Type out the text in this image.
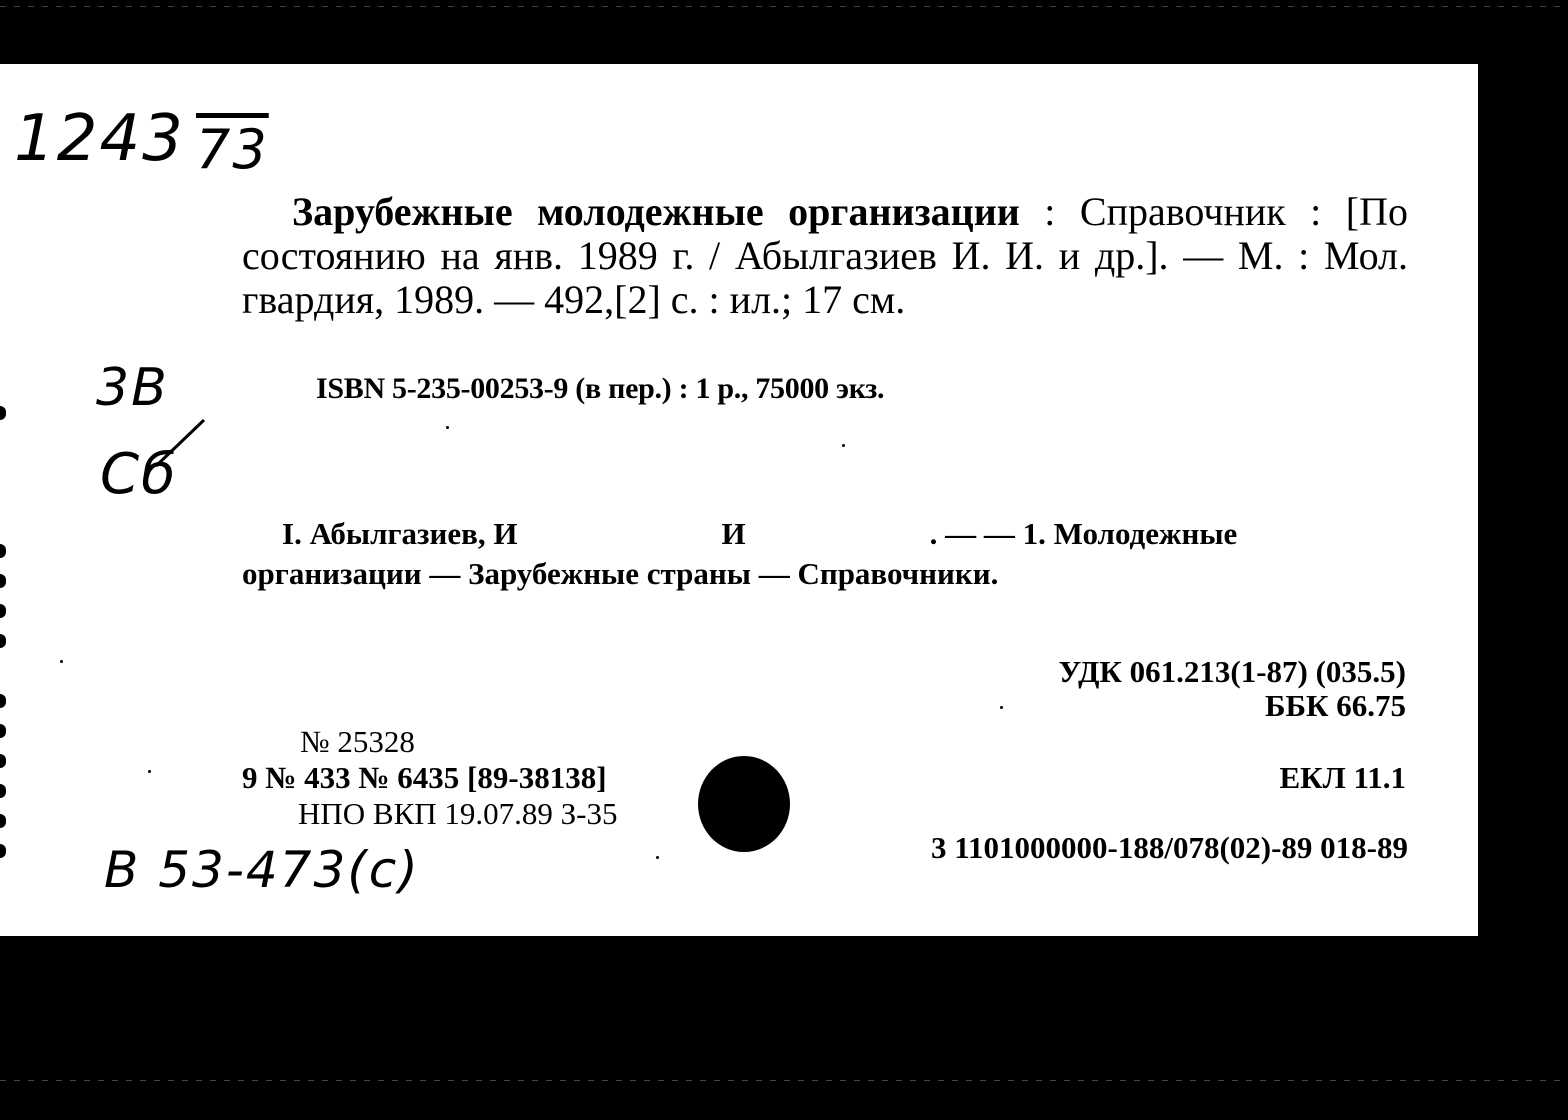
1243 73
3В
Сб
Зарубежные молодежные организации : Справочник : [По состоянию на янв. 1989 г. / Абылгазиев И. И. и др.]. — М. : Мол. гвардия, 1989. — 492,[2] с. : ил.; 17 см.
ISBN 5-235-00253-9 (в пер.) : 1 р., 75000 экз.
I. Абылгазиев, И	И	. — — 1. Молодежные организации — Зарубежные страны — Справочники.
УДК 061.213(1-87) (035.5)
ББК 66.75
ЕКЛ 11.1
3 1101000000-188/078(02)-89 018-89
№ 25328
9 № 433 № 6435 [89-38138]
НПО ВКП 19.07.89 З-35
В 53-473(с)
